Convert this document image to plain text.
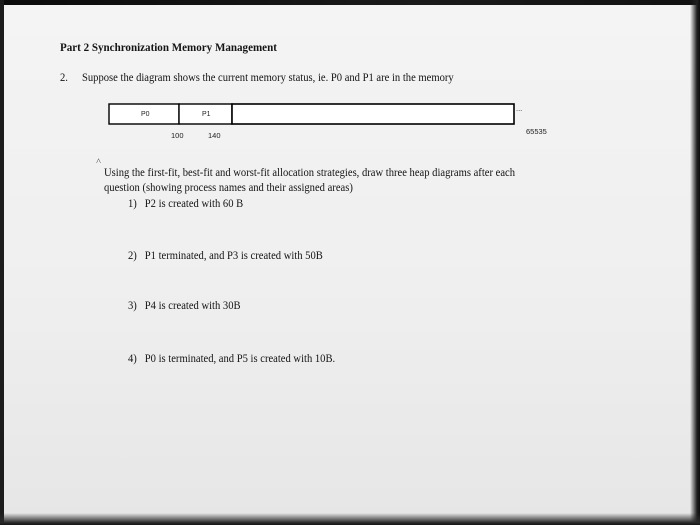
Part 2 Synchronization Memory Management
2. Suppose the diagram shows the current memory status, ie. P0 and P1 are in the memory
P0	P1
...
100	140	65535
˄
Using the first-fit, best-fit and worst-fit allocation strategies, draw three heap diagrams after each
question (showing process names and their assigned areas)
1) P2 is created with 60 B
2) P1 terminated, and P3 is created with 50B
3) P4 is created with 30B
4) P0 is terminated, and P5 is created with 10B.
